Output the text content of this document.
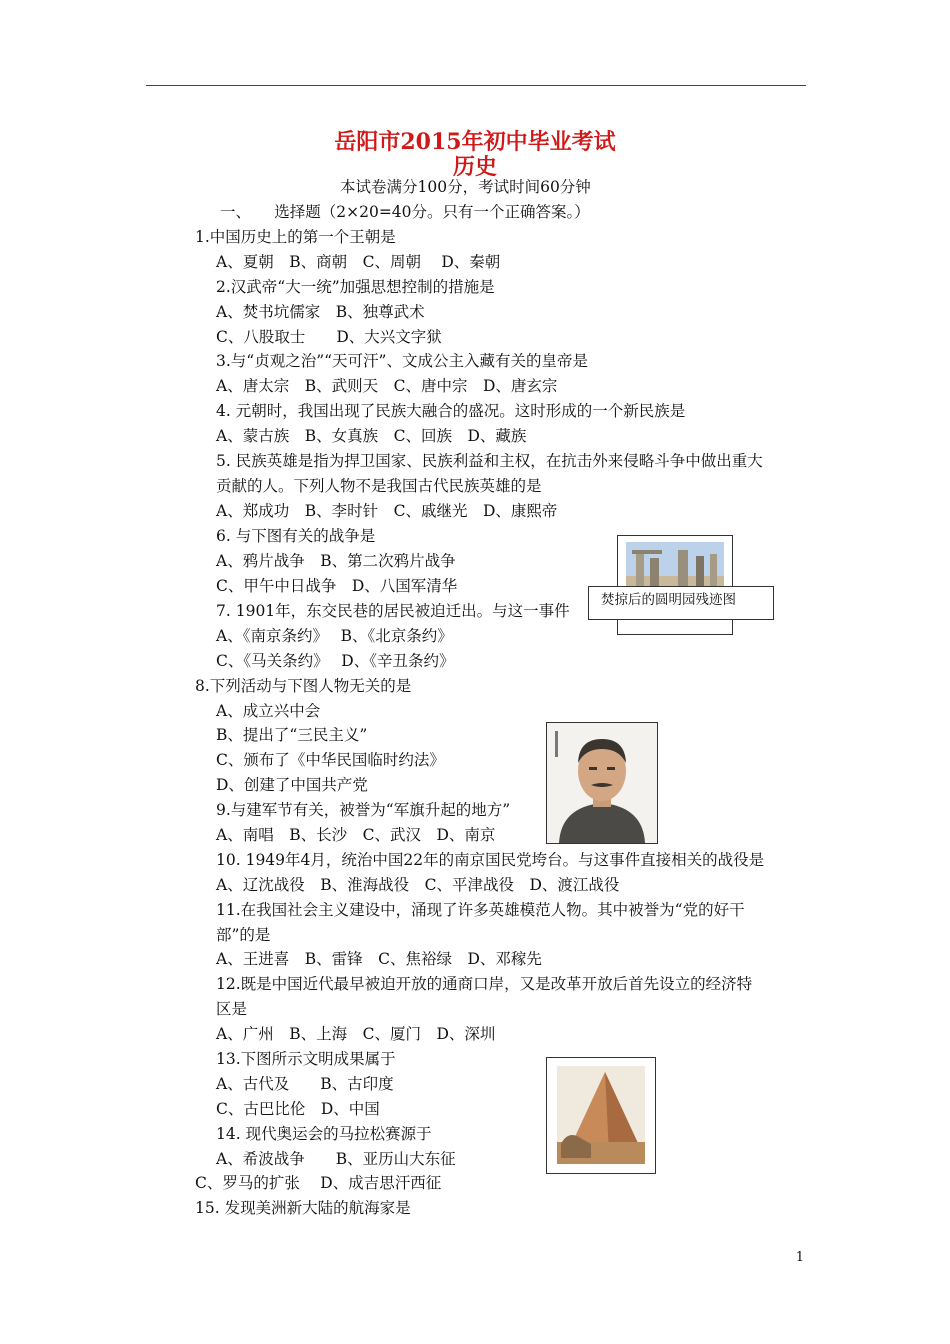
岳阳市2015年初中毕业考试
历史
本试卷满分100分，考试时间60分钟
一、　　选择题（2×20=40分。只有一个正确答案。）
1.中国历史上的第一个王朝是
A、夏朝　B、商朝　C、周朝　 D、秦朝
2.汉武帝“大一统”加强思想控制的措施是
A、焚书坑儒家　B、独尊武术
C、八股取士　　D、大兴文字狱
3.与“贞观之治”“天可汗”、文成公主入藏有关的皇帝是
A、唐太宗　B、武则天　C、唐中宗　D、唐玄宗
4. 元朝时，我国出现了民族大融合的盛况。这时形成的一个新民族是
A、蒙古族　B、女真族　C、回族　D、藏族
5. 民族英雄是指为捍卫国家、民族利益和主权，在抗击外来侵略斗争中做出重大
贡献的人。下列人物不是我国古代民族英雄的是
A、郑成功　B、李时针　C、戚继光　D、康熙帝
6. 与下图有关的战争是
A、鸦片战争　B、第二次鸦片战争
C、甲午中日战争　D、八国军清华
7. 1901年，东交民巷的居民被迫迁出。与这一事件
A、《南京条约》　 B、《北京条约》
C、《马关条约》　 D、《辛丑条约》
8.下列活动与下图人物无关的是
A、成立兴中会
B、提出了“三民主义”
C、颁布了《中华民国临时约法》
D、创建了中国共产党
9.与建军节有关，被誉为“军旗升起的地方”
A、南唱　B、长沙　C、武汉　D、南京
10. 1949年4月，统治中国22年的南京国民党垮台。与这事件直接相关的战役是
A、辽沈战役　B、淮海战役　C、平津战役　D、渡江战役
11.在我国社会主义建设中，涌现了许多英雄模范人物。其中被誉为“党的好干
部”的是
A、王进喜　B、雷锋　C、焦裕绿　D、邓稼先
12.既是中国近代最早被迫开放的通商口岸，又是改革开放后首先设立的经济特
区是
A、广州　B、上海　C、厦门　D、深圳
13.下图所示文明成果属于
A、古代及　　B、古印度
C、古巴比伦　D、中国
14. 现代奥运会的马拉松赛源于
A、希波战争　　B、亚历山大东征
C、罗马的扩张　 D、成吉思汗西征
15. 发现美洲新大陆的航海家是
焚掠后的圆明园残迹图
1
